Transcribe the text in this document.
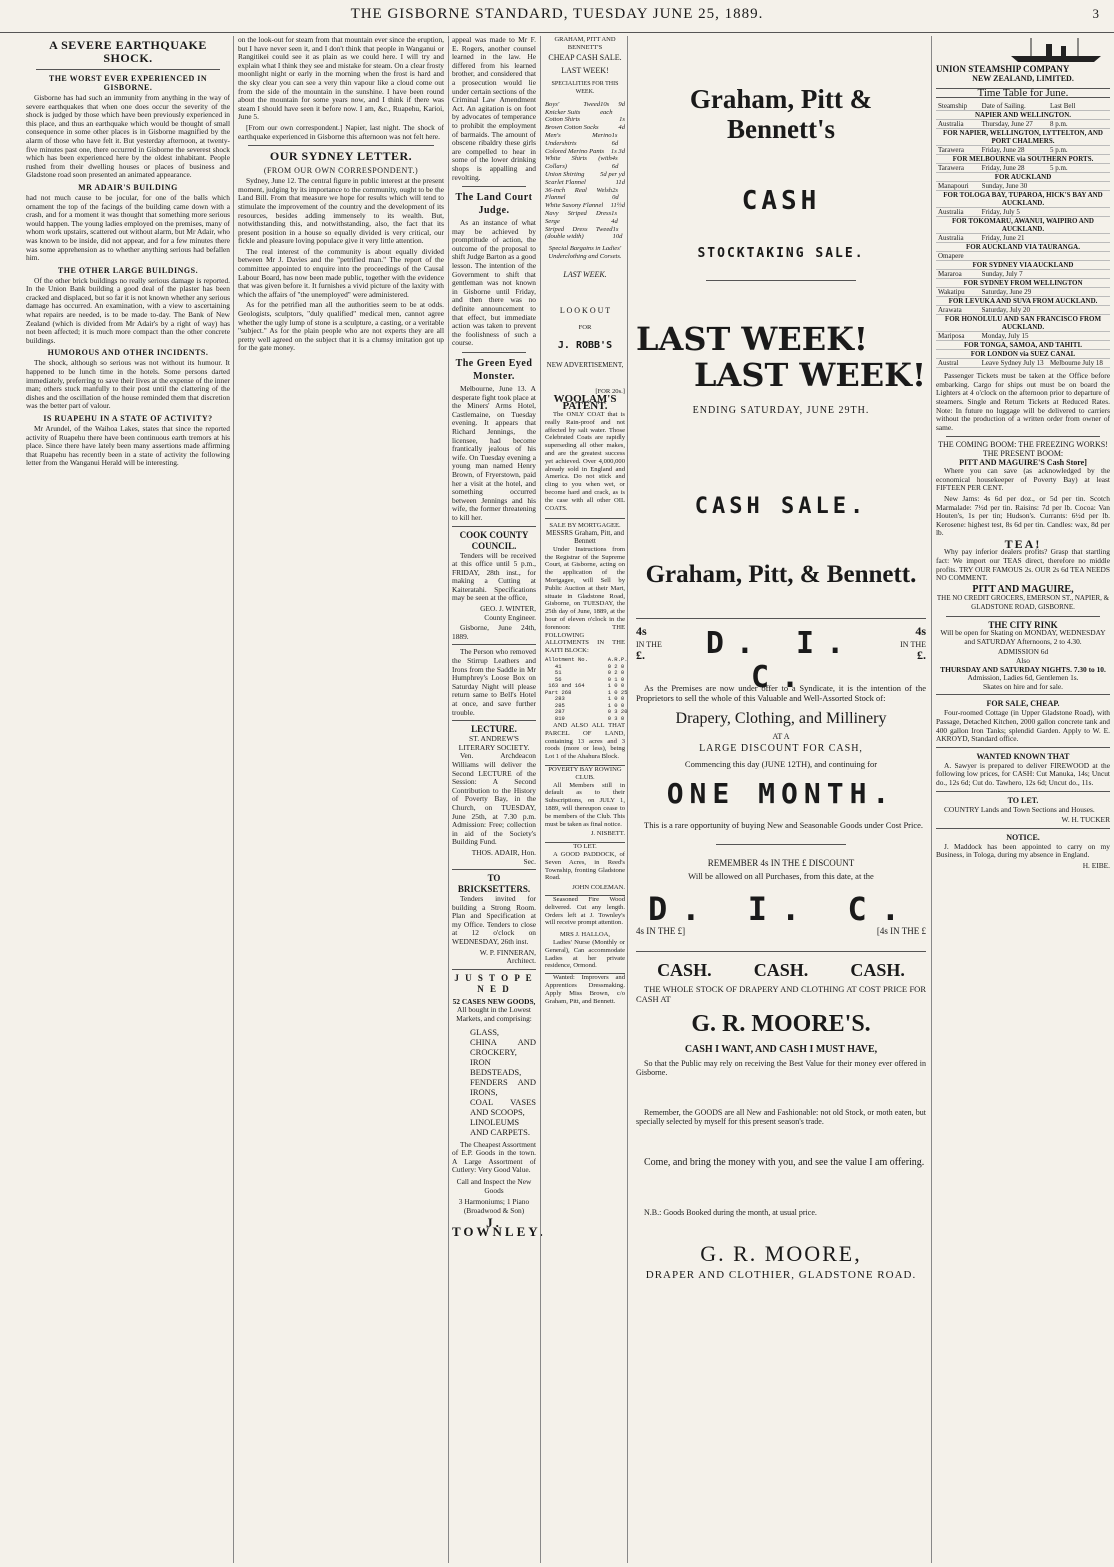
THE GISBORNE STANDARD, TUESDAY JUNE 25, 1889.	3
A SEVERE EARTHQUAKE SHOCK.
THE WORST EVER EXPERIENCED IN GISBORNE.

Gisborne has had such an immunity from anything in the way of severe earthquakes that when one does occur the severity of the shock is judged by those which have been previously experienced in this place, and thus an earthquake which would be thought of small consequence in some other places is in Gisborne magnified by the alarm of those who have felt it. But yesterday afternoon, at twenty-five minutes past one, there occurred in Gisborne the severest shock which has been experienced here by the oldest inhabitant. People rushed from their dwelling houses or places of business and Gladstone road soon presented an animated appearance.

MR ADAIR'S BUILDING

had not much cause to be jocular, for one of the balls which ornament the top of the facings of the building came down with a crash, and for a moment it was thought that something more serious would happen. The young ladies employed on the premises, many of whom work upstairs, scattered out without alarm, but Mr Adair, who was known to be inside, did not appear, and for a few minutes there was some apprehension as to whether anything serious had befallen him.

THE OTHER LARGE BUILDINGS.

Of the other brick buildings no really serious damage is reported. In the Union Bank building a good deal of the plaster has been cracked and displaced, but so far it is not known whether any serious damage has occurred. An examination, with a view to ascertaining what repairs are needed, is to be made to-day. The Bank of New Zealand (which is divided from Mr Adair's by a right of way) has not been affected; it is much more compact than the other concrete buildings.

HUMOROUS AND OTHER INCIDENTS.

The shock, although so serious was not without its humour. It happened to be lunch time in the hotels. Some persons darted immediately, preferring to save their lives at the expense of the inner man; others stuck manfully to their post until the clattering of the dishes and the oscillation of the house reminded them that discretion was the better part of valour.

IS RUAPEHU IN A STATE OF ACTIVITY?

Mr Arundel, of the Waihoa Lakes, states that since the reported activity of Ruapehu there have been continuous earth tremors at his place. Since there have lately been many assertions made affirming that Ruapehu has recently been in a state of activity the following letter from the Wanganui Herald will be interesting.

on the look-out for steam from that mountain ever since the eruption, but I have never seen it, and I don't think that people in Wanganui or Rangitikei could see it as plain as we could here. I will try and explain what I think they see and mistake for steam. On a clear frosty moonlight night or early in the morning when the frost is hard and the sky clear you can see a very thin vapour like a cloud come out from the side of the mountain in the sunshine. I have been round about the mountain for some years now, and I think if there was steam I should have seen it before now. I am, &c., Ruapehu, Karioi, June 5.

[From our own correspondent.] Napier, last night. The shock of earthquake experienced in Gisborne this afternoon was not felt here.

OUR SYDNEY LETTER.
(FROM OUR OWN CORRESPONDENT.)

Sydney, June 12. The central figure in public interest at the present moment, judging by its importance to the community, ought to be the Land Bill. From that measure we hope for results which will tend to stimulate the improvement of the country and the development of its resources, besides adding immensely to its wealth. But, notwithstanding this, and notwithstanding, also, the fact that its present position in a house so equally divided is very critical, our fickle and pleasure loving populace give it very little attention.

The real interest of the community is about equally divided between Mr J. Davies and the "petrified man." The report of the committee appointed to enquire into the proceedings of the Causal Labour Board, has now been made public, together with the evidence that was given before it. It furnishes a vivid picture of the laxity with which the affairs of "the unemployed" were administered.

As for the petrified man all the authorities seem to be at odds. Geologists, sculptors, "duly qualified" medical men, cannot agree whether the ugly lump of stone is a sculpture, a casting, or a veritable "subject." As for the plain people who are not experts they are all pretty well agreed on the subject that it is a clumsy imitation got up for the gate money.

appeal was made to Mr F. E. Rogers, another counsel learned in the law. He differed from his learned brother, and considered that a prosecution would lie under certain sections of the Criminal Law Amendment Act. An agitation is on foot by advocates of temperance to prohibit the employment of barmaids. The amount of obscene ribaldry these girls are compelled to hear in some of the lower drinking shops is appalling and revolting.

The Land Court Judge.

As an instance of what may be achieved by promptitude of action, the outcome of the proposal to shift Judge Barton as a good lesson. The intention of the Government to shift that gentleman was not known in Gisborne until Friday, and then there was no definite announcement to that effect, but immediate action was taken to prevent the foolishness of such a course.

The Green Eyed Monster.

Melbourne, June 13. A desperate fight took place at the Miners' Arms Hotel, Castlemaine, on Tuesday evening. It appears that Richard Jennings, the licensee, had become frantically jealous of his wife. On Tuesday evening a young man named Henry Brown, of Fryerstown, paid her a visit at the hotel, and something occurred between Jennings and his wife, the former threatening to kill her.

COOK COUNTY COUNCIL.

Tenders will be received at this office until 5 p.m., FRIDAY, 28th inst., for making a Cutting at Kaiteratahi. Specifications may be seen at the office,

GEO. J. WINTER, County Engineer.

Gisborne, June 24th, 1889.

The Person who removed the Stirrup Leathers and Irons from the Saddle in Mr Humphrey's Loose Box on Saturday Night will please return same to Bell's Hotel at once, and save further trouble.

LECTURE.
ST. ANDREW'S LITERARY SOCIETY.

Ven. Archdeacon Williams will deliver the Second LECTURE of the Session: A Second Contribution to the History of Poverty Bay, in the Church, on TUESDAY, June 25th, at 7.30 p.m. Admission: Free; collection in aid of the Society's Building Fund.

THOS. ADAIR, Hon. Sec.

TO BRICKSETTERS.

Tenders invited for building a Strong Room. Plan and Specification at my Office. Tenders to close at 12 o'clock on WEDNESDAY, 26th inst.

W. P. FINNERAN, Architect.

J U S T O P E N E D
52 CASES NEW GOODS,
All bought in the Lowest Markets, and comprising:
GLASS,
CHINA AND CROCKERY,
IRON BEDSTEADS,
FENDERS AND IRONS,
COAL VASES AND SCOOPS,
LINOLEUMS AND CARPETS.

The Cheapest Assortment of E.P. Goods in the town. A Large Assortment of Cutlery: Very Good Value.

Call and Inspect the New Goods
3 Harmoniums; 1 Piano (Broadwood & Son)
J. TOWNLEY.
Graham, Pitt & Bennett's
CASH
STOCKTAKING SALE.
LAST WEEK!
LAST WEEK!
ENDING SATURDAY, JUNE 29TH.
CASH SALE.
Graham, Pitt, & Bennett.
4s
IN THE
£.	D. I. C.
4s
IN THE
£.

As the Premises are now under offer to a Syndicate, it is the intention of the Proprietors to sell the whole of this Valuable and Well-Assorted Stock of:

Drapery, Clothing, and Millinery
AT A
LARGE DISCOUNT FOR CASH,
Commencing this day (JUNE 12TH), and continuing for
ONE MONTH.

This is a rare opportunity of buying New and Seasonable Goods under Cost Price.

REMEMBER 4s IN THE £ DISCOUNT
Will be allowed on all Purchases, from this date, at the
D. I. C.
4s IN THE £]	[4s IN THE £
CASH. CASH. CASH.

THE WHOLE STOCK OF DRAPERY AND CLOTHING AT COST PRICE FOR CASH AT

G. R. MOORE'S.
CASH I WANT, AND CASH I MUST HAVE,

So that the Public may rely on receiving the Best Value for their money ever offered in Gisborne.

Remember, the GOODS are all New and Fashionable: not old Stock, or moth eaten, but specially selected by myself for this present season's trade.

Come, and bring the money with you, and see the value I am offering.

N.B.: Goods Booked during the month, at usual price.

G. R. MOORE,
DRAPER AND CLOTHIER, GLADSTONE ROAD.
UNION STEAMSHIP COMPANY
NEW ZEALAND, LIMITED.
Time Table for June.
Steamship	Date of Sailing.	Last Bell
NAPIER AND WELLINGTON.		
Australia	Thursday, June 27	8 p.m.
FOR NAPIER, WELLINGTON, LYTTELTON, AND PORT CHALMERS.		
Tarawera	Friday, June 28	5 p.m.
FOR MELBOURNE via SOUTHERN PORTS.		
Tarawera	Friday, June 28	5 p.m.
FOR AUCKLAND		
Manapouri	Sunday, June 30	
FOR TOLOGA BAY, TUPAROA, HICK'S BAY AND AUCKLAND.		
Australia	Friday, July 5	
FOR TOKOMARU, AWANUI, WAIPIRO AND AUCKLAND.		
Australia	Friday, June 21	
FOR AUCKLAND VIA TAURANGA.		
Omapere		
FOR SYDNEY VIA AUCKLAND		
Mararoa	Sunday, July 7	
FOR SYDNEY FROM WELLINGTON		
Wakatipu	Saturday, June 29	
FOR LEVUKA AND SUVA FROM AUCKLAND.		
Arawata	Saturday, July 20	
FOR HONOLULU AND SAN FRANCISCO FROM AUCKLAND.		
Mariposa	Monday, July 15	
FOR TONGA, SAMOA, AND TAHITI.		
FOR LONDON via SUEZ CANAL		
Austral	Leave Sydney July 13	Melbourne July 18

Passenger Tickets must be taken at the Office before embarking. Cargo for ships out must be on board the Lighters at 4 o'clock on the afternoon prior to departure of steamers. Single and Return Tickets at Reduced Rates. Note: In future no luggage will be delivered to carriers without the production of a written order from owner of same.

THE COMING BOOM: THE FREEZING WORKS!
THE PRESENT BOOM:
PITT AND MAGUIRE'S Cash Store]

Where you can save (as acknowledged by the economical housekeeper of Poverty Bay) at least FIFTEEN PER CENT.

New Jams: 4s 6d per doz., or 5d per tin. Scotch Marmalade: 7½d per tin. Raisins: 7d per lb. Cocoa: Van Houten's, 1s per tin; Hudson's. Currants: 6½d per lb. Kerosene: highest test, 8s 6d per tin. Candles: wax, 8d per lb.

TEA!

Why pay inferior dealers profits? Grasp that startling fact: We import our TEAS direct, therefore no middle profits. TRY OUR FAMOUS 2s. OUR 2s 6d TEA NEEDS NO COMMENT.

PITT AND MAGUIRE,
THE NO CREDIT GROCERS, EMERSON ST., NAPIER, & GLADSTONE ROAD, GISBORNE.
THE CITY RINK

Will be open for Skating on MONDAY, WEDNESDAY and SATURDAY Afternoons, 2 to 4.30.

ADMISSION 6d
Also
THURSDAY AND SATURDAY NIGHTS. 7.30 to 10.
Admission, Ladies 6d, Gentlemen 1s.
Skates on hire and for sale.
FOR SALE, CHEAP.

Four-roomed Cottage (in Upper Gladstone Road), with Passage, Detached Kitchen, 2000 gallon concrete tank and 400 gallon Iron Tanks; splendid Garden. Apply to W. E. AKROYD, Standard office.

WANTED KNOWN THAT

A. Sawyer is prepared to deliver FIREWOOD at the following low prices, for CASH: Cut Manuka, 14s; Uncut do., 12s 6d; Cut do. Tawhero, 12s 6d; Uncut do., 11s.

TO LET.

COUNTRY Lands and Town Sections and Houses.

W. H. TUCKER

NOTICE.

J. Maddock has been appointed to carry on my Business, in Tologa, during my absence in England.

H. EIBE.

GRAHAM, PITT AND BENNETT'S
CHEAP CASH SALE.
LAST WEEK!
SPECIALITIES FOR THIS WEEK.
Boys' Tweed Knicker Suits
10s 9d each
Cotton Shirts	1s
Brown Cotton Socks	4d
Men's Merino Undershirts
1s 6d
Colored Merino Pants 1s 3d
White Shirts (with Collars)
4s 6d
Union Shirting 5d per yd
Scarlet Flannel	11d
36-inch Real Welsh Flannel
2s 0d
White Saxony Flannel 11½d
Navy Striped Dress Serge
1s 4d
Striped Dress Tweed (double width)
1s 10d
Special Bargains in Ladies' Underclothing and Corsets.
LAST WEEK.
L O O K O U T
FOR
J. ROBB'S
NEW ADVERTISEMENT,
[FOR 20s.]
WOOLAM'S PATENT.

The ONLY COAT that is really Rain-proof and not affected by salt water. Those Celebrated Coats are rapidly superseding all other makes, and are the greatest success yet achieved. Over 4,000,000 already sold in England and America. Do not stick and cling to you when wet, or become hard and crack, as is the case with all other OIL COATS.

SALE BY MORTGAGEE.
MESSRS Graham, Pitt, and Bennett

Under Instructions from the Registrar of the Supreme Court, at Gisborne, acting on the application of the Mortgagee, will Sell by Public Auction at their Mart, situate in Gladstone Road, Gisborne, on TUESDAY, the 25th day of June, 1889, at the hour of eleven o'clock in the forenoon: THE FOLLOWING ALLOTMENTS IN THE KAITI BLOCK:

Allotment No.      A.R.P.
41              0 2 0
51              0 2 0
56              0 1 0
163 and 164       1 0 0
Part 268           1 0 25
283             1 0 0
285             1 0 0
287             0 3 20
819             0 3 0

AND ALSO ALL THAT PARCEL OF LAND, containing 13 acres and 3 roods (more or less), being Lot 1 of the Ahahura Block.

POVERTY BAY ROWING CLUB.

All Members still in default as to their Subscriptions, on JULY 1, 1889, will thereupon cease to be members of the Club. This must be taken as final notice.

J. NISBETT.
TO LET.

A GOOD PADDOCK, of Seven Acres, in Reed's Township, fronting Gladstone Road.

JOHN COLEMAN.

Seasoned Fire Wood delivered. Cut any length. Orders left at J. Townley's will receive prompt attention.

MRS J. HALLOA,

Ladies' Nurse (Monthly or General), Can accommodate Ladies at her private residence, Ormond.

Wanted: Improvers and Apprentices Dressmaking. Apply Miss Brown, c/o Graham, Pitt, and Bennett.
